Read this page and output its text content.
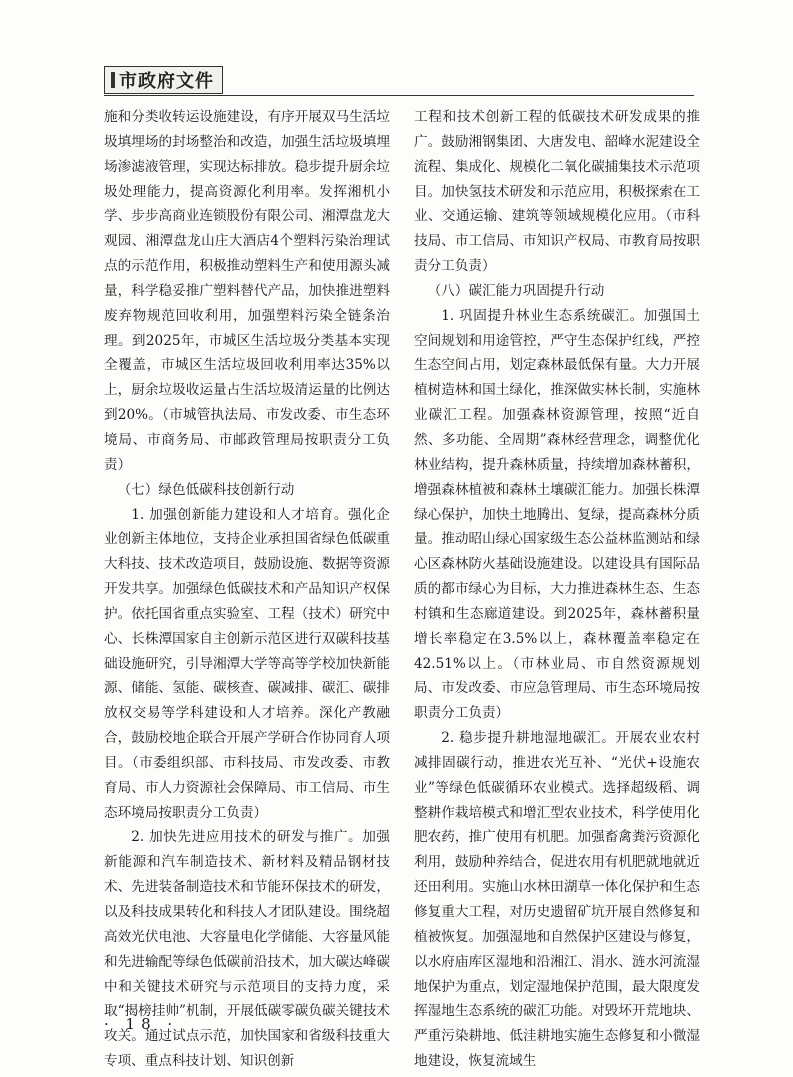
市政府文件

施和分类收转运设施建设，有序开展双马生活垃圾填埋场的封场整治和改造，加强生活垃圾填埋场渗滤液管理，实现达标排放。稳步提升厨余垃圾处理能力，提高资源化利用率。发挥湘机小学、步步高商业连锁股份有限公司、湘潭盘龙大观园、湘潭盘龙山庄大酒店4个塑料污染治理试点的示范作用，积极推动塑料生产和使用源头减量，科学稳妥推广塑料替代产品，加快推进塑料废弃物规范回收利用，加强塑料污染全链条治理。到2025年，市城区生活垃圾分类基本实现全覆盖，市城区生活垃圾回收利用率达35%以上，厨余垃圾收运量占生活垃圾清运量的比例达到20%。（市城管执法局、市发改委、市生态环境局、市商务局、市邮政管理局按职责分工负责）

（七）绿色低碳科技创新行动

1. 加强创新能力建设和人才培育。强化企业创新主体地位，支持企业承担国省绿色低碳重大科技、技术改造项目，鼓励设施、数据等资源开发共享。加强绿色低碳技术和产品知识产权保护。依托国省重点实验室、工程（技术）研究中心、长株潭国家自主创新示范区进行双碳科技基础设施研究，引导湘潭大学等高等学校加快新能源、储能、氢能、碳核查、碳减排、碳汇、碳排放权交易等学科建设和人才培养。深化产教融合，鼓励校地企联合开展产学研合作协同育人项目。（市委组织部、市科技局、市发改委、市教育局、市人力资源社会保障局、市工信局、市生态环境局按职责分工负责）

2. 加快先进应用技术的研发与推广。加强新能源和汽车制造技术、新材料及精品钢材技术、先进装备制造技术和节能环保技术的研发，以及科技成果转化和科技人才团队建设。围绕超高效光伏电池、大容量电化学储能、大容量风能和先进输配等绿色低碳前沿技术，加大碳达峰碳中和关键技术研究与示范项目的支持力度，采取“揭榜挂帅”机制，开展低碳零碳负碳关键技术攻关。通过试点示范，加快国家和省级科技重大专项、重点科技计划、知识创新

工程和技术创新工程的低碳技术研发成果的推广。鼓励湘钢集团、大唐发电、韶峰水泥建设全流程、集成化、规模化二氧化碳捕集技术示范项目。加快氢技术研发和示范应用，积极探索在工业、交通运输、建筑等领域规模化应用。（市科技局、市工信局、市知识产权局、市教育局按职责分工负责）

（八）碳汇能力巩固提升行动

1. 巩固提升林业生态系统碳汇。加强国土空间规划和用途管控，严守生态保护红线，严控生态空间占用，划定森林最低保有量。大力开展植树造林和国土绿化，推深做实林长制，实施林业碳汇工程。加强森林资源管理，按照“近自然、多功能、全周期”森林经营理念，调整优化林业结构，提升森林质量，持续增加森林蓄积，增强森林植被和森林土壤碳汇能力。加强长株潭绿心保护，加快土地腾出、复绿，提高森林分质量。推动昭山绿心国家级生态公益林监测站和绿心区森林防火基础设施建设。以建设具有国际品质的都市绿心为目标，大力推进森林生态、生态村镇和生态廊道建设。到2025年，森林蓄积量增长率稳定在3.5%以上，森林覆盖率稳定在42.51%以上。（市林业局、市自然资源规划局、市发改委、市应急管理局、市生态环境局按职责分工负责）

2. 稳步提升耕地湿地碳汇。开展农业农村减排固碳行动，推进农光互补、“光伏+设施农业”等绿色低碳循环农业模式。选择超级稻、调整耕作栽培模式和增汇型农业技术，科学使用化肥农药，推广使用有机肥。加强畜禽粪污资源化利用，鼓励种养结合，促进农用有机肥就地就近还田利用。实施山水林田湖草一体化保护和生态修复重大工程，对历史遗留矿坑开展自然修复和植被恢复。加强湿地和自然保护区建设与修复，以水府庙库区湿地和沿湘江、涓水、涟水河流湿地保护为重点，划定湿地保护范围，最大限度发挥湿地生态系统的碳汇功能。对毁坏开荒地块、严重污染耕地、低洼耕地实施生态修复和小微湿地建设，恢复流域生

· 18 ·
